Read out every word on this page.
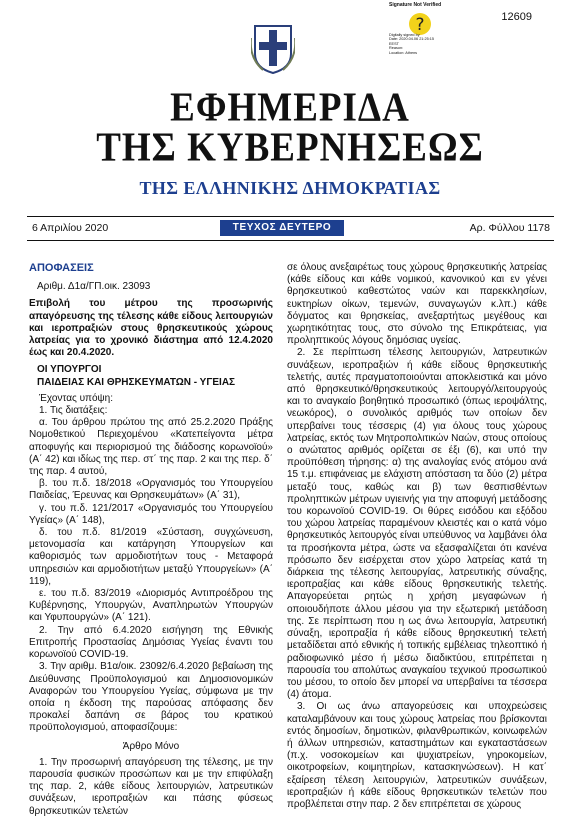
12609
Signature Not Verified
?
Digitally signed by
Date: 2020.04.06 21:25:15
EEST
Reason:
Location: Athens
ΕΦΗΜΕΡΙΔΑ
ΤΗΣ ΚΥΒΕΡΝΗΣΕΩΣ
ΤΗΣ ΕΛΛΗΝΙΚΗΣ ΔΗΜΟΚΡΑΤΙΑΣ
6 Απριλίου 2020	ΤΕΥΧΟΣ ΔΕΥΤΕΡΟ	Αρ. Φύλλου 1178

ΑΠΟΦΑΣΕΙΣ

Αριθμ. Δ1α/ΓΠ.οικ. 23093

Επιβολή του μέτρου της προσωρινής απαγόρευσης της τέλεσης κάθε είδους λειτουργιών και ιεροπραξιών στους θρησκευτικούς χώρους λατρείας για το χρονικό διάστημα από 12.4.2020 έως και 20.4.2020.

ΟΙ ΥΠΟΥΡΓΟΙ

ΠΑΙΔΕΙΑΣ ΚΑΙ ΘΡΗΣΚΕΥΜΑΤΩΝ - ΥΓΕΙΑΣ

Έχοντας υπόψη:

1. Τις διατάξεις:

α. Του άρθρου πρώτου της από 25.2.2020 Πράξης Νομοθετικού Περιεχομένου «Κατεπείγοντα μέτρα αποφυγής και περιορισμού της διάδοσης κορωνοϊού» (Α΄ 42) και ιδίως της περ. στ΄ της παρ. 2 και της περ. δ΄ της παρ. 4 αυτού,

β. του π.δ. 18/2018 «Οργανισμός του Υπουργείου Παιδείας, Έρευνας και Θρησκευμάτων» (Α΄ 31),

γ. του π.δ. 121/2017 «Οργανισμός του Υπουργείου Υγείας» (Α΄ 148),

δ. του π.δ. 81/2019 «Σύσταση, συγχώνευση, μετονομασία και κατάργηση Υπουργείων και καθορισμός των αρμοδιοτήτων τους - Μεταφορά υπηρεσιών και αρμοδιοτήτων μεταξύ Υπουργείων» (Α΄ 119),

ε. του π.δ. 83/2019 «Διορισμός Αντιπροέδρου της Κυβέρνησης, Υπουργών, Αναπληρωτών Υπουργών και Υφυπουργών» (Α΄ 121).

2. Την από 6.4.2020 εισήγηση της Εθνικής Επιτροπής Προστασίας Δημόσιας Υγείας έναντι του κορωνοϊού COVID-19.

3. Την αριθμ. Β1α/οικ. 23092/6.4.2020 βεβαίωση της Διεύθυνσης Προϋπολογισμού και Δημοσιονομικών Αναφορών του Υπουργείου Υγείας, σύμφωνα με την οποία η έκδοση της παρούσας απόφασης δεν προκαλεί δαπάνη σε βάρος του κρατικού προϋπολογισμού, αποφασίζουμε:

Άρθρο Μόνο

1. Την προσωρινή απαγόρευση της τέλεσης, με την παρουσία φυσικών προσώπων και με την επιφύλαξη της παρ. 2, κάθε είδους λειτουργιών, λατρευτικών συνάξεων, ιεροπραξιών και πάσης φύσεως θρησκευτικών τελετών

σε όλους ανεξαιρέτως τους χώρους θρησκευτικής λατρείας (κάθε είδους και κάθε νομικού, κανονικού και εν γένει θρησκευτικού καθεστώτος ναών και παρεκκλησίων, ευκτηρίων οίκων, τεμενών, συναγωγών κ.λπ.) κάθε δόγματος και θρησκείας, ανεξαρτήτως μεγέθους και χωρητικότητας τους, στο σύνολο της Επικράτειας, για προληπτικούς λόγους δημόσιας υγείας.

2. Σε περίπτωση τέλεσης λειτουργιών, λατρευτικών συνάξεων, ιεροπραξιών ή κάθε είδους θρησκευτικής τελετής, αυτές πραγματοποιούνται αποκλειστικά και μόνο από θρησκευτικό/θρησκευτικούς λειτουργό/λειτουργούς και το αναγκαίο βοηθητικό προσωπικό (όπως ιεροψάλτης, νεωκόρος), ο συνολικός αριθμός των οποίων δεν υπερβαίνει τους τέσσερις (4) για όλους τους χώρους λατρείας, εκτός των Μητροπολιτικών Ναών, στους οποίους ο ανώτατος αριθμός ορίζεται σε έξι (6), και υπό την προϋπόθεση τήρησης: α) της αναλογίας ενός ατόμου ανά 15 τ.μ. επιφάνειας με ελάχιστη απόσταση τα δύο (2) μέτρα μεταξύ τους, καθώς και β) των θεσπισθέντων προληπτικών μέτρων υγιεινής για την αποφυγή μετάδοσης του κορωνοϊού COVID-19. Οι θύρες εισόδου και εξόδου του χώρου λατρείας παραμένουν κλειστές και ο κατά νόμο θρησκευτικός λειτουργός είναι υπεύθυνος να λαμβάνει όλα τα προσήκοντα μέτρα, ώστε να εξασφαλίζεται ότι κανένα πρόσωπο δεν εισέρχεται στον χώρο λατρείας κατά τη διάρκεια της τέλεσης λειτουργίας, λατρευτικής σύναξης, ιεροπραξίας και κάθε είδους θρησκευτικής τελετής. Απαγορεύεται ρητώς η χρήση μεγαφώνων ή οποιουδήποτε άλλου μέσου για την εξωτερική μετάδοση της. Σε περίπτωση που η ως άνω λειτουργία, λατρευτική σύναξη, ιεροπραξία ή κάθε είδους θρησκευτική τελετή μεταδίδεται από εθνικής ή τοπικής εμβέλειας τηλεοπτικό ή ραδιοφωνικό μέσο ή μέσω διαδικτύου, επιτρέπεται η παρουσία του απολύτως αναγκαίου τεχνικού προσωπικού του μέσου, το οποίο δεν μπορεί να υπερβαίνει τα τέσσερα (4) άτομα.

3. Οι ως άνω απαγορεύσεις και υποχρεώσεις καταλαμβάνουν και τους χώρους λατρείας που βρίσκονται εντός δημοσίων, δημοτικών, φιλανθρωπικών, κοινωφελών ή άλλων υπηρεσιών, καταστημάτων και εγκαταστάσεων (π.χ. νοσοκομείων και ψυχιατρείων, γηροκομείων, οικοτροφείων, κοιμητηρίων, κατασκηνώσεων). Η κατ΄ εξαίρεση τέλεση λειτουργιών, λατρευτικών συνάξεων, ιεροπραξιών ή κάθε είδους θρησκευτικών τελετών που προβλέπεται στην παρ. 2 δεν επιτρέπεται σε χώρους
